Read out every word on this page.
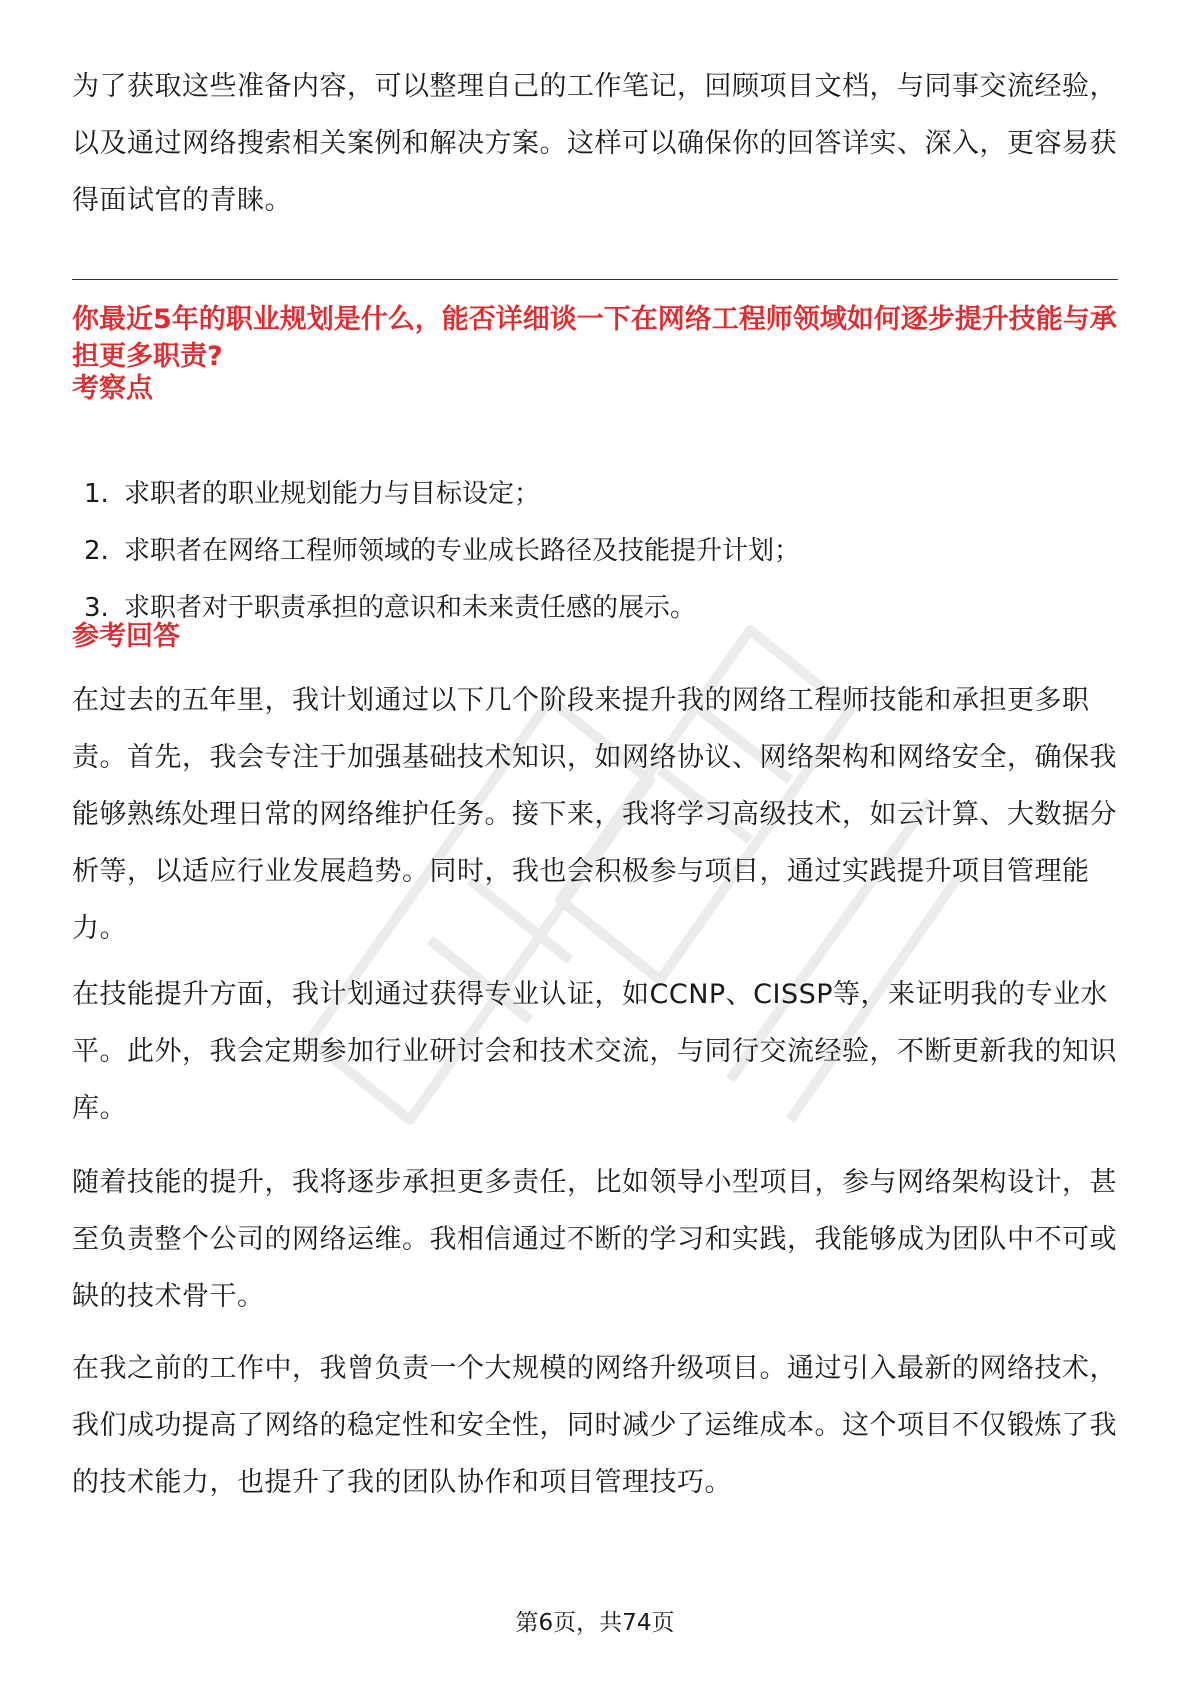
为了获取这些准备内容，可以整理自己的工作笔记，回顾项目文档，与同事交流经验，以及通过网络搜索相关案例和解决方案。这样可以确保你的回答详实、深入，更容易获得面试官的青睐。

你最近5年的职业规划是什么，能否详细谈一下在网络工程师领域如何逐步提升技能与承担更多职责?

考察点

1. 求职者的职业规划能力与目标设定；
2. 求职者在网络工程师领域的专业成长路径及技能提升计划；
3. 求职者对于职责承担的意识和未来责任感的展示。

参考回答

在过去的五年里，我计划通过以下几个阶段来提升我的网络工程师技能和承担更多职责。首先，我会专注于加强基础技术知识，如网络协议、网络架构和网络安全，确保我能够熟练处理日常的网络维护任务。接下来，我将学习高级技术，如云计算、大数据分析等，以适应行业发展趋势。同时，我也会积极参与项目，通过实践提升项目管理能力。

在技能提升方面，我计划通过获得专业认证，如CCNP、CISSP等，来证明我的专业水平。此外，我会定期参加行业研讨会和技术交流，与同行交流经验，不断更新我的知识库。

随着技能的提升，我将逐步承担更多责任，比如领导小型项目，参与网络架构设计，甚至负责整个公司的网络运维。我相信通过不断的学习和实践，我能够成为团队中不可或缺的技术骨干。

在我之前的工作中，我曾负责一个大规模的网络升级项目。通过引入最新的网络技术，我们成功提高了网络的稳定性和安全性，同时减少了运维成本。这个项目不仅锻炼了我的技术能力，也提升了我的团队协作和项目管理技巧。

第6页，共74页
